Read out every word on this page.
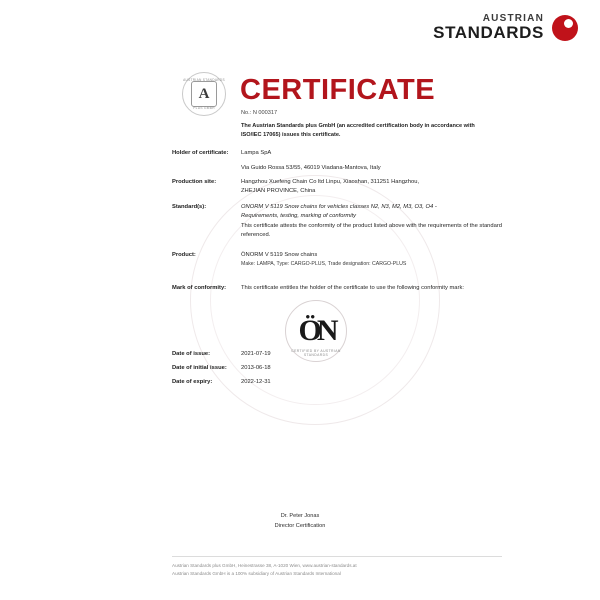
AUSTRIAN
STANDARDS
AUSTRIAN STANDARDS
A
PLUS GMBH
CERTIFICATE
No.: N 000317
The Austrian Standards plus GmbH (an accredited certification body in accordance with ISO/IEC 17065) issues this certificate.
Holder of certificate:	Lampa SpA

Via Guido Rossa 53/55, 46019 Viadana-Mantova, Italy

Production site:	Hangzhou Xuefeng Chain Co ltd Linpu, Xiaoshan, 311251 Hangzhou,
ZHEJIAN PROVINCE, China
Standard(s):	ONORM V 5119 Snow chains for vehicles classes N2, N3, M2, M3, O3, O4 -
Requirements, testing, marking of conformity

This certificate attests the conformity of the product listed above with the requirements of the standard referenced.

Product:	ÖNORM V 5119 Snow chains
Make: LAMPA, Type: CARGO-PLUS, Trade designation: CARGO-PLUS
Mark of conformity:	This certificate entitles the holder of the certificate to use the following conformity mark:
ÖN
CERTIFIED BY AUSTRIAN STANDARDS
Date of issue:	2021-07-19
Date of initial issue:	2013-06-18
Date of expiry:	2022-12-31
Dr. Peter Jonas
Director Certification
Austrian Standards plus GmbH, Heinestrasse 38, A-1020 Wien, www.austrian-standards.at
Austrian Standards GmbH is a 100% subsidiary of Austrian Standards International
